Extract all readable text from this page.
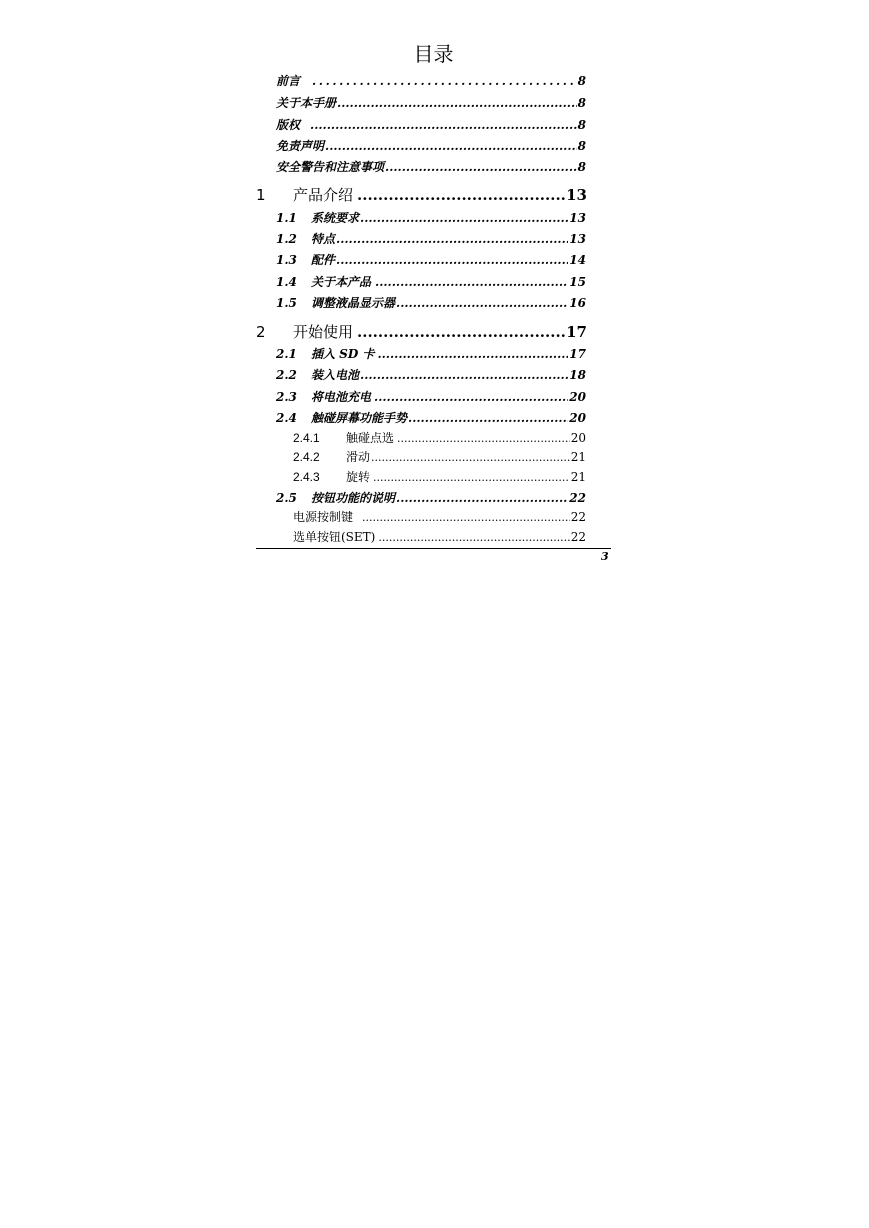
目录
前言 .....	8
关于本手册 .....	8
版权 .....	8
免责声明 .....	8
安全警告和注意事项 .....	8
1	产品介绍 .....	13
1.1	系统要求 .....	13
1.2	特点 .....	13
1.3	配件 .....	14
1.4	关于本产品 .....	15
1.5	调整液晶显示器 .....	16
2	开始使用 .....	17
2.1	插入 SD 卡 .....	17
2.2	装入电池 .....	18
2.3	将电池充电 .....	20
2.4	触碰屏幕功能手势 .....	20
2.4.1	触碰点选 .....	20
2.4.2	滑动 .....	21
2.4.3	旋转 .....	21
2.5	按钮功能的说明 .....	22
电源按制键 .....	22
选单按钮(SET) .....	22
3
